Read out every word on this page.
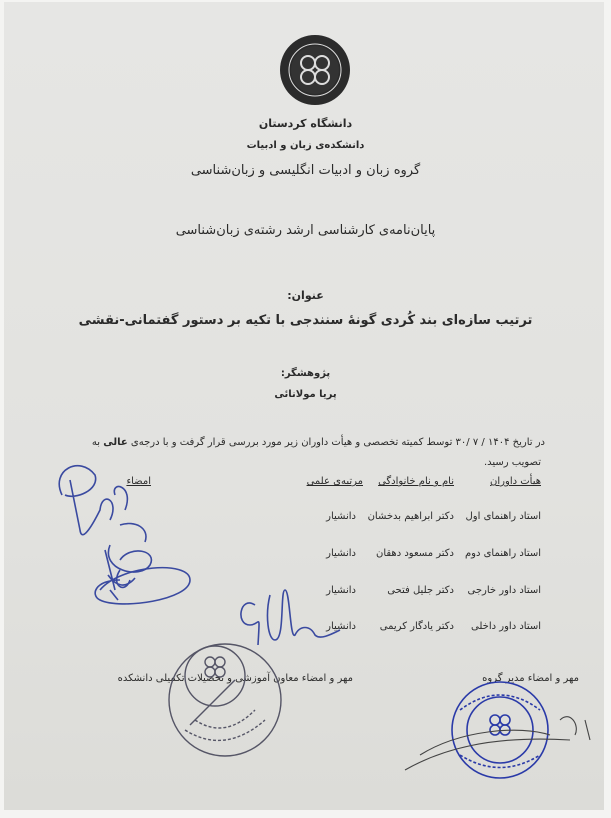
دانشگاه کردستان
دانشکده‌ی زبان و ادبیات
گروه زبان و ادبیات انگلیسی و زبان‌شناسی
پایان‌نامه‌ی کارشناسی ارشد رشته‌ی زبان‌شناسی
عنوان:
ترتیب سازه‌ای بند کُردی گونهٔ سنندجی با تکیه بر دستور گفتمانی-نقشی
پژوهشگر:
پریا مولانائی
در تاریخ ۱۴۰۴ / ۷ /۳۰ توسط کمیته تخصصی و هیأت داوران زیر مورد بررسی قرار گرفت و با درجه‌ی عالی به
تصویب رسید.
هیأت داوران
نام و نام خانوادگی
مرتبه‌ی علمی
امضاء
استاد راهنمای اول
دکتر ابراهیم بدخشان
دانشیار
استاد راهنمای دوم
دکتر مسعود دهقان
دانشیار
استاد داور خارجی
دکتر جلیل فتحی
دانشیار
استاد داور داخلی
دکتر یادگار کریمی
دانشیار
مهر و امضاء مدیر گروه
مهر و امضاء معاون آموزشی و تحصیلات تکمیلی دانشکده
